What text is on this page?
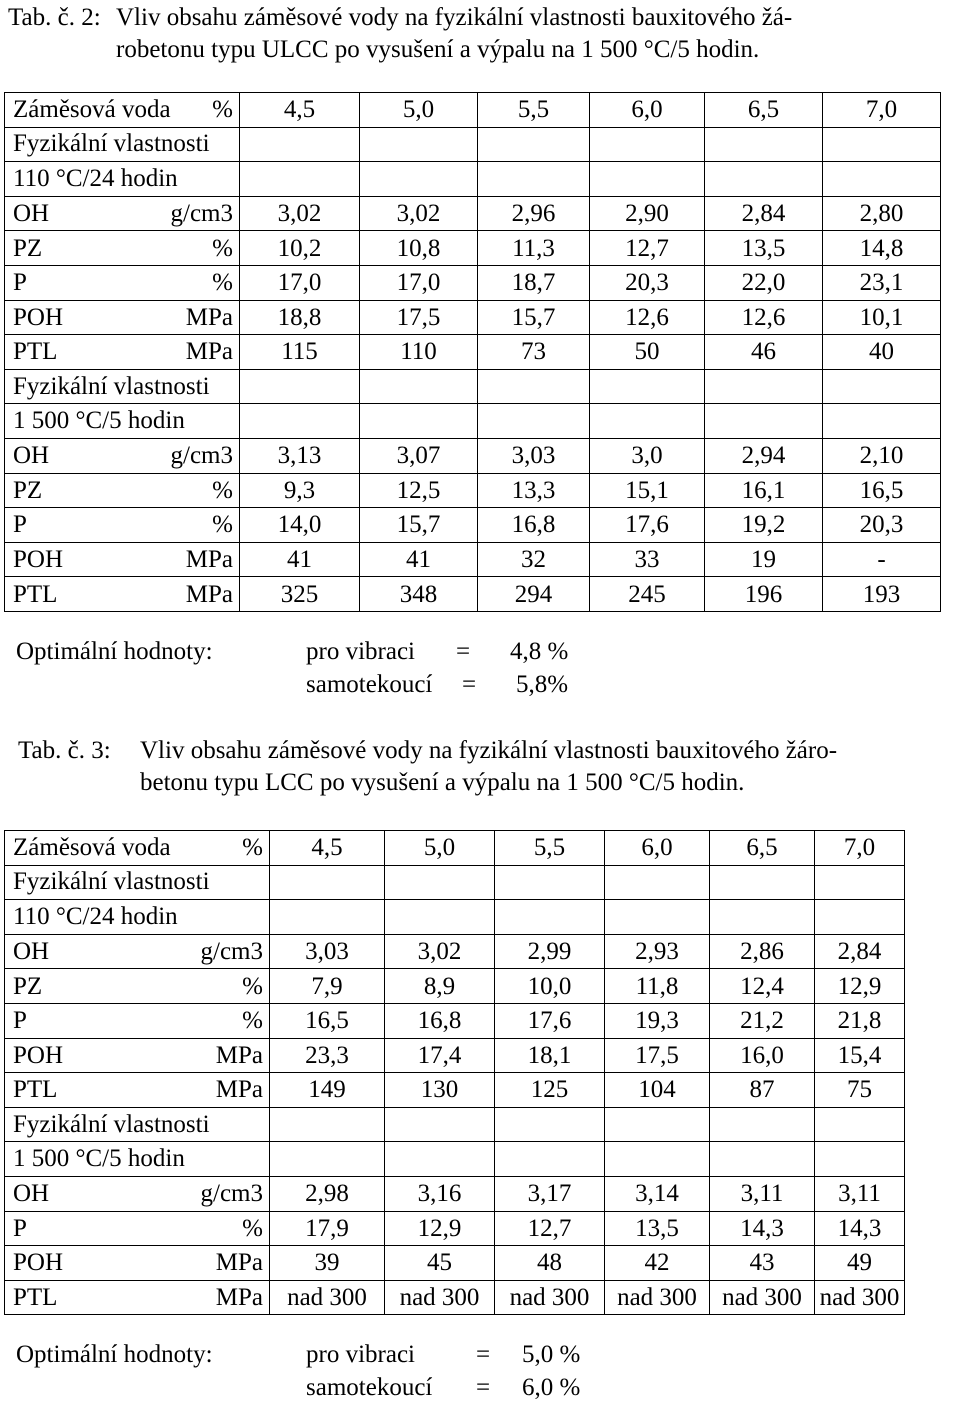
Tab. č. 2: Vliv obsahu záměsové vody na fyzikální vlastnosti bauxitového žá-
robetonu typu ULCC po vysušení a výpalu na 1 500 °C/5 hodin.
Záměsová voda %	4,5	5,0	5,5	6,0	6,5	7,0
Fyzikální vlastnosti						
110 °C/24 hodin						

OH g/cm3	3,02	3,02	2,96	2,90	2,84	2,80

PZ %	10,2	10,8	11,3	12,7	13,5	14,8

P %	17,0	17,0	18,7	20,3	22,0	23,1

POH MPa	18,8	17,5	15,7	12,6	12,6	10,1

PTL MPa	115	110	73	50	46	40
Fyzikální vlastnosti						
1 500 °C/5 hodin						

OH g/cm3	3,13	3,07	3,03	3,0	2,94	2,10

PZ %	9,3	12,5	13,3	15,1	16,1	16,5

P %	14,0	15,7	16,8	17,6	19,2	20,3

POH MPa	41	41	32	33	19	-

PTL MPa	325	348	294	245	196	193
Optimální hodnoty:	pro vibraci = 4,8 %
samotekoucí = 5,8%
Tab. č. 3: Vliv obsahu záměsové vody na fyzikální vlastnosti bauxitového žáro-
betonu typu LCC po vysušení a výpalu na 1 500 °C/5 hodin.
Záměsová voda %	4,5	5,0	5,5	6,0	6,5	7,0
Fyzikální vlastnosti						
110 °C/24 hodin						

OH g/cm3	3,03	3,02	2,99	2,93	2,86	2,84

PZ %	7,9	8,9	10,0	11,8	12,4	12,9

P %	16,5	16,8	17,6	19,3	21,2	21,8

POH MPa	23,3	17,4	18,1	17,5	16,0	15,4

PTL MPa	149	130	125	104	87	75
Fyzikální vlastnosti						
1 500 °C/5 hodin						

OH g/cm3	2,98	3,16	3,17	3,14	3,11	3,11

P %	17,9	12,9	12,7	13,5	14,3	14,3

POH MPa	39	45	48	42	43	49

PTL MPa	nad 300	nad 300	nad 300	nad 300	nad 300	nad 300
Optimální hodnoty:	pro vibraci = 5,0 %
samotekoucí = 6,0 %
